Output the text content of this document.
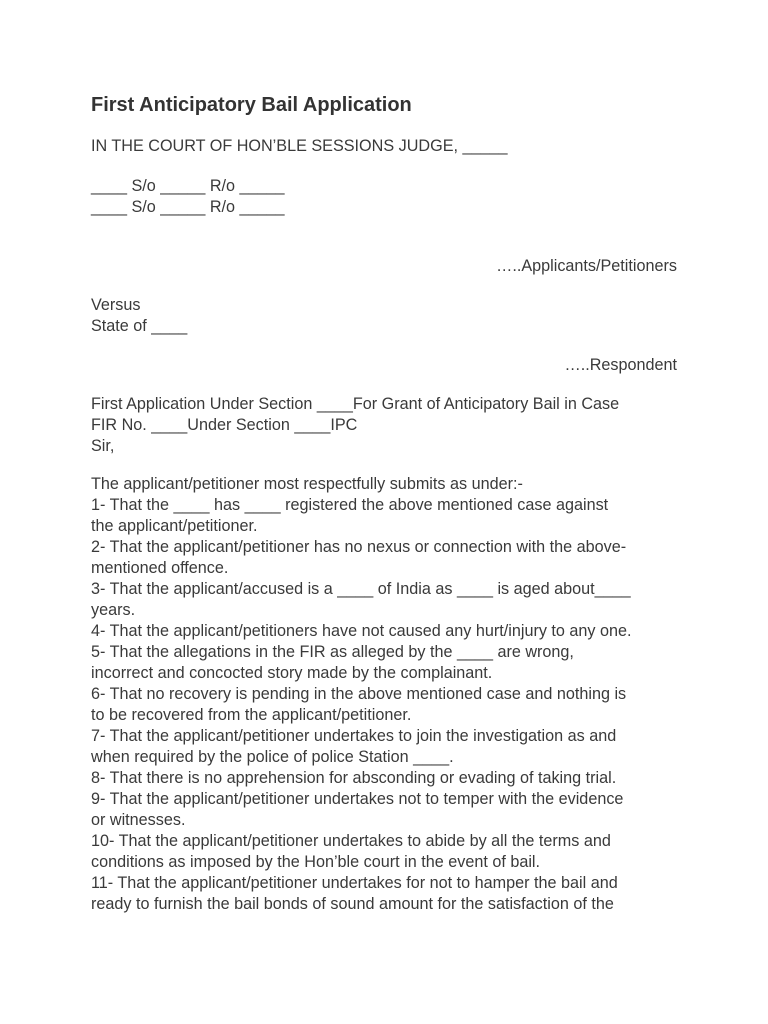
First Anticipatory Bail Application
IN THE COURT OF HON’BLE SESSIONS JUDGE, _____
____ S/o _____ R/o _____
____ S/o _____ R/o _____
…..Applicants/Petitioners
Versus
State of ____
…..Respondent
First Application Under Section ____For Grant of Anticipatory Bail in Case
FIR No. ____Under Section ____IPC
Sir,
The applicant/petitioner most respectfully submits as under:-
1- That the ____ has ____ registered the above mentioned case against
the applicant/petitioner.
2- That the applicant/petitioner has no nexus or connection with the above-
mentioned offence.
3- That the applicant/accused is a ____ of India as ____ is aged about____
years.
4- That the applicant/petitioners have not caused any hurt/injury to any one.
5- That the allegations in the FIR as alleged by the ____ are wrong,
incorrect and concocted story made by the complainant.
6- That no recovery is pending in the above mentioned case and nothing is
to be recovered from the applicant/petitioner.
7- That the applicant/petitioner undertakes to join the investigation as and
when required by the police of police Station ____.
8- That there is no apprehension for absconding or evading of taking trial.
9- That the applicant/petitioner undertakes not to temper with the evidence
or witnesses.
10- That the applicant/petitioner undertakes to abide by all the terms and
conditions as imposed by the Hon’ble court in the event of bail.
11- That the applicant/petitioner undertakes for not to hamper the bail and
ready to furnish the bail bonds of sound amount for the satisfaction of the
